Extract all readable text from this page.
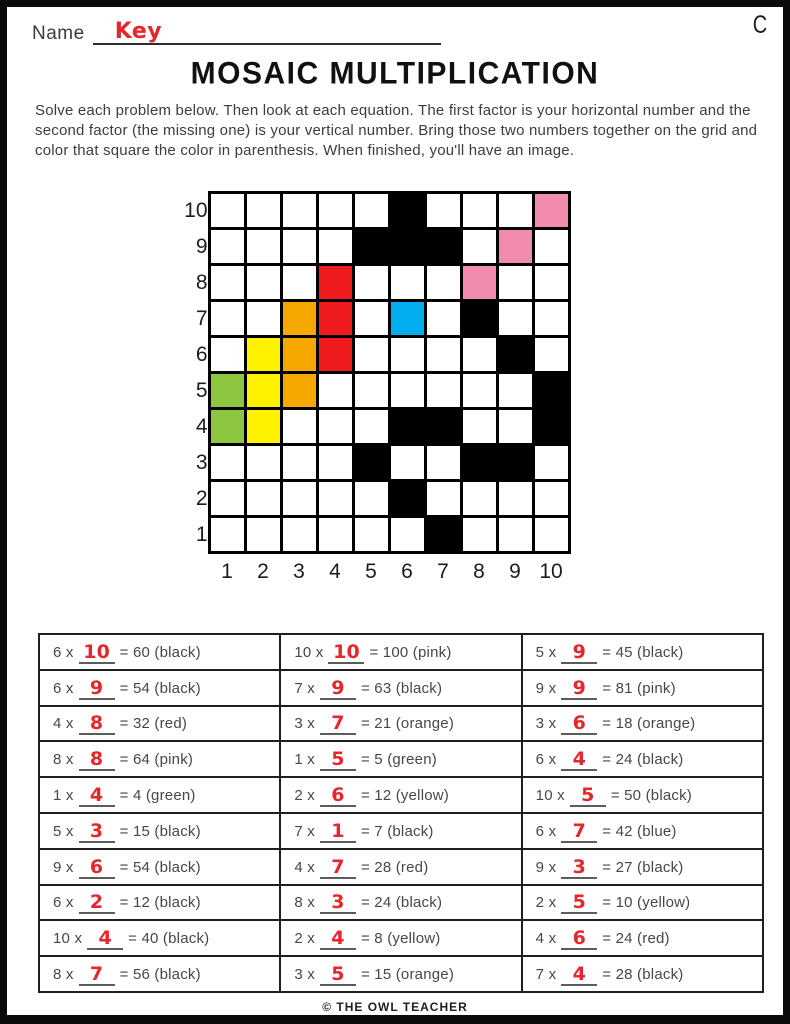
Name	Key	C
MOSAIC MULTIPLICATION
Solve each problem below. Then look at each equation. The first factor is your horizontal number and the second factor (the missing one) is your vertical number. Bring those two numbers together on the grid and color that square the color in parenthesis. When finished, you'll have an image.
10										
9										
8										
7										
6										
5										
4										
3										
2										
1										
	1	2	3	4	5	6	7	8	9	10
6 x 10 = 60 (black)	10 x 10 = 100 (pink)	5 x 9 = 45 (black)
6 x 9 = 54 (black)	7 x 9 = 63 (black)	9 x 9 = 81 (pink)
4 x 8 = 32 (red)	3 x 7 = 21 (orange)	3 x 6 = 18 (orange)
8 x 8 = 64 (pink)	1 x 5 = 5 (green)	6 x 4 = 24 (black)
1 x 4 = 4 (green)	2 x 6 = 12 (yellow)	10 x 5 = 50 (black)
5 x 3 = 15 (black)	7 x 1 = 7 (black)	6 x 7 = 42 (blue)
9 x 6 = 54 (black)	4 x 7 = 28 (red)	9 x 3 = 27 (black)
6 x 2 = 12 (black)	8 x 3 = 24 (black)	2 x 5 = 10 (yellow)
10 x 4 = 40 (black)	2 x 4 = 8 (yellow)	4 x 6 = 24 (red)
8 x 7 = 56 (black)	3 x 5 = 15 (orange)	7 x 4 = 28 (black)
© THE OWL TEACHER
